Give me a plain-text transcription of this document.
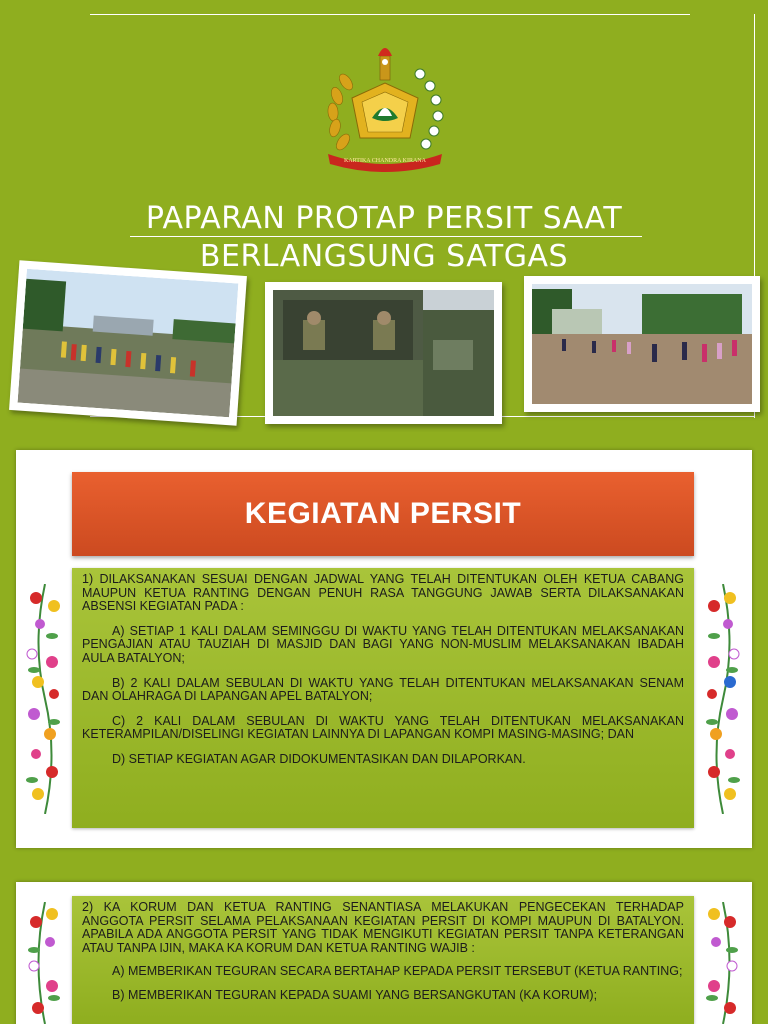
KARTIKA CHANDRA KIRANA
PAPARAN PROTAP PERSIT SAAT
BERLANGSUNG SATGAS
KEGIATAN PERSIT

1) DILAKSANAKAN SESUAI DENGAN JADWAL YANG TELAH DITENTUKAN OLEH KETUA CABANG MAUPUN KETUA RANTING DENGAN PENUH RASA TANGGUNG JAWAB SERTA DILAKSANAKAN ABSENSI KEGIATAN PADA :

A) SETIAP 1 KALI DALAM SEMINGGU DI WAKTU YANG TELAH DITENTUKAN MELAKSANAKAN PENGAJIAN ATAU TAUZIAH DI MASJID DAN BAGI YANG NON-MUSLIM MELAKSANAKAN IBADAH AULA BATALYON;

B) 2 KALI DALAM SEBULAN DI WAKTU YANG TELAH DITENTUKAN MELAKSANAKAN SENAM DAN OLAHRAGA DI LAPANGAN APEL BATALYON;

C) 2 KALI DALAM SEBULAN DI WAKTU YANG TELAH DITENTUKAN MELAKSANAKAN KETERAMPILAN/DISELINGI KEGIATAN LAINNYA DI LAPANGAN KOMPI MASING-MASING; DAN

D) SETIAP KEGIATAN AGAR DIDOKUMENTASIKAN DAN DILAPORKAN.

2) KA KORUM DAN KETUA RANTING SENANTIASA MELAKUKAN PENGECEKAN TERHADAP ANGGOTA PERSIT SELAMA PELAKSANAAN KEGIATAN PERSIT DI KOMPI MAUPUN DI BATALYON. APABILA ADA ANGGOTA PERSIT YANG TIDAK MENGIKUTI KEGIATAN PERSIT TANPA KETERANGAN ATAU TANPA IJIN, MAKA KA KORUM DAN KETUA RANTING WAJIB :

A) MEMBERIKAN TEGURAN SECARA BERTAHAP KEPADA PERSIT TERSEBUT (KETUA RANTING;

B) MEMBERIKAN TEGURAN KEPADA SUAMI YANG BERSANGKUTAN (KA KORUM);
